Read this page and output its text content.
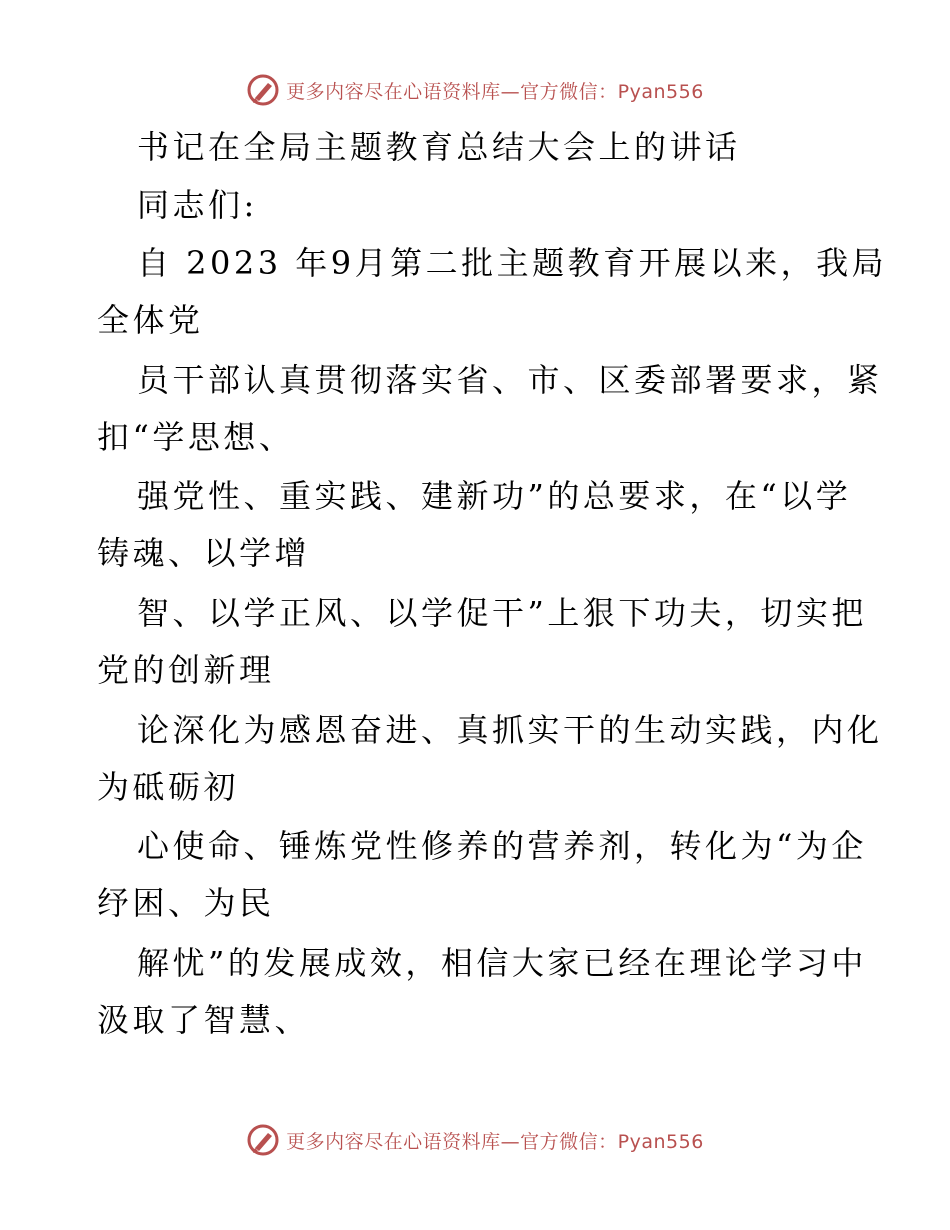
更多内容尽在心语资料库—官方微信：Pyan556
书记在全局主题教育总结大会上的讲话
同志们:
自 2023 年9月第二批主题教育开展以来，我局
全体党
员干部认真贯彻落实省、市、区委部署要求，紧
扣“学思想、
强党性、重实践、建新功”的总要求，在“以学
铸魂、以学增
智、以学正风、以学促干”上狠下功夫，切实把
党的创新理
论深化为感恩奋进、真抓实干的生动实践，内化
为砥砺初
心使命、锤炼党性修养的营养剂，转化为“为企
纾困、为民
解忧”的发展成效，相信大家已经在理论学习中
汲取了智慧、
更多内容尽在心语资料库—官方微信：Pyan556
